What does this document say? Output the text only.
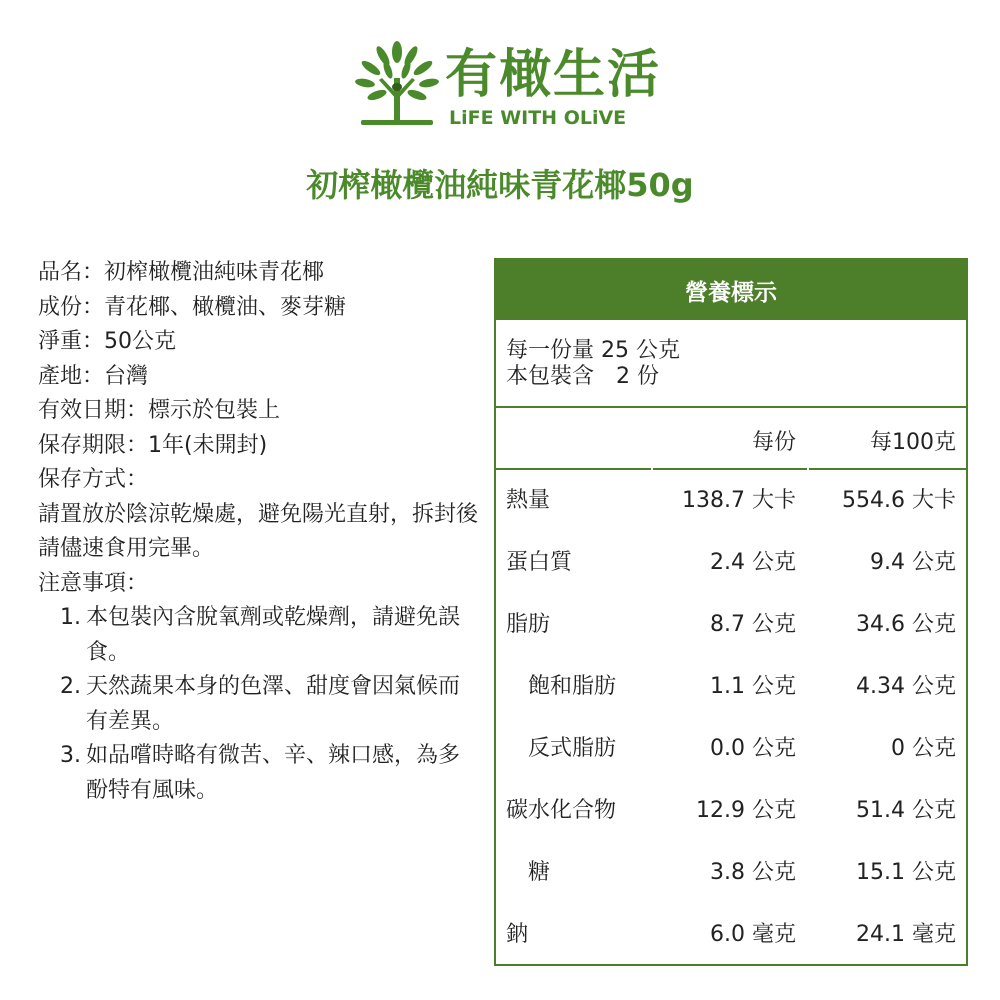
有橄生活
LiFE WITH OLiVE
初榨橄欖油純味青花椰50g
品名：初榨橄欖油純味青花椰
成份：青花椰、橄欖油、麥芽糖
淨重：50公克
產地：台灣
有效日期：標示於包裝上
保存期限：1年(未開封)
保存方式：
請置放於陰涼乾燥處，避免陽光直射，拆封後請儘速食用完畢。
注意事項：
1. 本包裝內含脫氧劑或乾燥劑，請避免誤食。
2. 天然蔬果本身的色澤、甜度會因氣候而有差異。
3. 如品嚐時略有微苦、辛、辣口感，為多酚特有風味。
營養標示
每一份量 25 公克
本包裝含　2 份
每份	每100克
熱量	138.7 大卡 554.6 大卡
蛋白質	2.4 公克	9.4 公克
脂肪	8.7 公克	34.6 公克
飽和脂肪	1.1 公克	4.34 公克
反式脂肪	0.0 公克	0 公克
碳水化合物	12.9 公克	51.4 公克
糖	3.8 公克	15.1 公克
鈉	6.0 毫克	24.1 毫克
